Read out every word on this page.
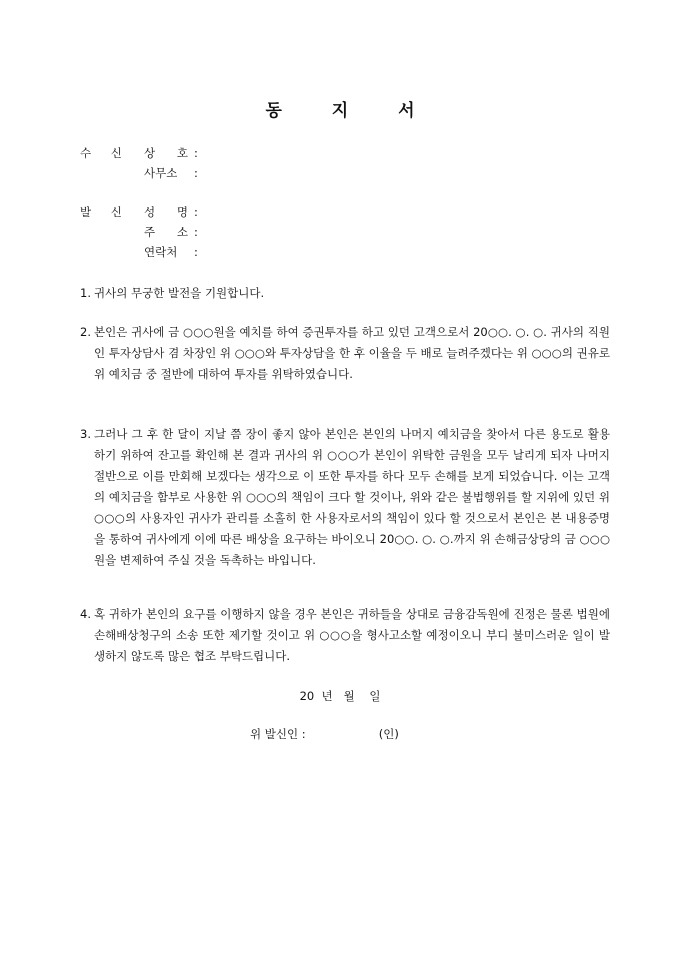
동 지 서
수 신	상 호 :
사무소	:
발 신	성 명 :
주 소 :
연락처	:
1. 귀사의 무궁한 발전을 기원합니다.
2. 본인은 귀사에 금 ○○○원을 예치를 하여 증권투자를 하고 있던 고객으로서 20○○. ○. ○. 귀사의 직원인 투자상담사 겸 차장인 위 ○○○와 투자상담을 한 후 이율을 두 배로 늘려주겠다는 위 ○○○의 권유로 위 예치금 중 절반에 대하여 투자를 위탁하였습니다.
3. 그러나 그 후 한 달이 지날 쯤 장이 좋지 않아 본인은 본인의 나머지 예치금을 찾아서 다른 용도로 활용하기 위하여 잔고를 확인해 본 결과 귀사의 위 ○○○가 본인이 위탁한 금원을 모두 날리게 되자 나머지 절반으로 이를 만회해 보겠다는 생각으로 이 또한 투자를 하다 모두 손해를 보게 되었습니다. 이는 고객의 예치금을 함부로 사용한 위 ○○○의 책임이 크다 할 것이나, 위와 같은 불법행위를 할 지위에 있던 위 ○○○의 사용자인 귀사가 관리를 소홀히 한 사용자로서의 책임이 있다 할 것으로서 본인은 본 내용증명을 통하여 귀사에게 이에 따른 배상을 요구하는 바이오니 20○○. ○. ○.까지 위 손해금상당의 금 ○○○원을 변제하여 주실 것을 독촉하는 바입니다.
4. 혹 귀하가 본인의 요구를 이행하지 않을 경우 본인은 귀하들을 상대로 금융감독원에 진정은 물론 법원에 손해배상청구의 소송 또한 제기할 것이고 위 ○○○을 형사고소할 예정이오니 부디 불미스러운 일이 발생하지 않도록 많은 협조 부탁드립니다.
20  년   월    일
위 발신인 :                    (인)
